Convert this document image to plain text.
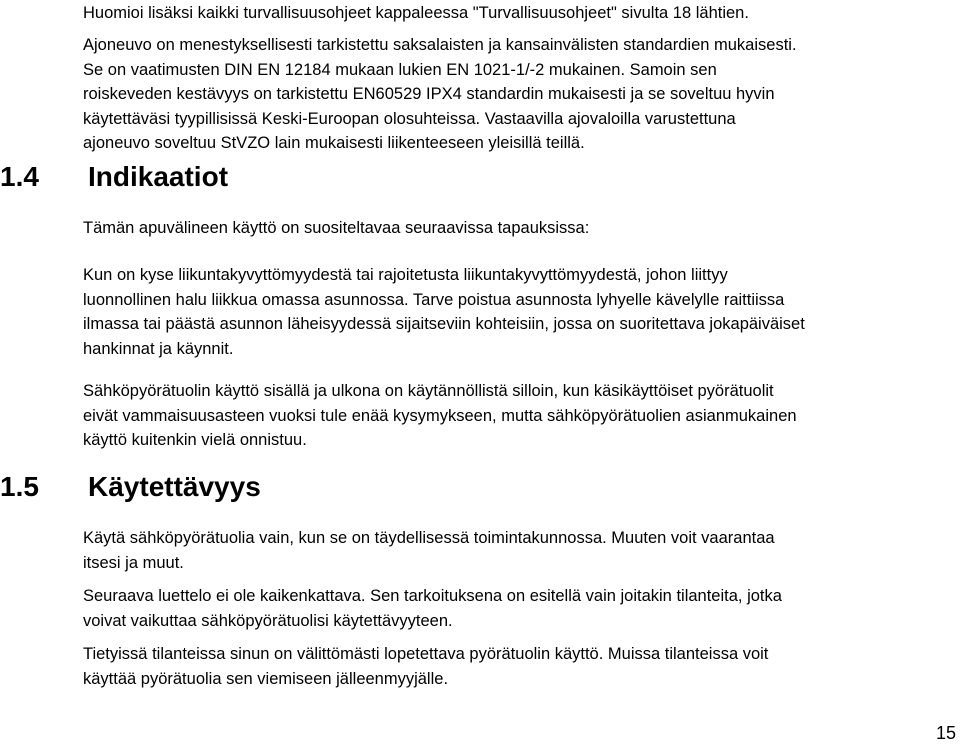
Huomioi lisäksi kaikki turvallisuusohjeet kappaleessa "Turvallisuusohjeet" sivulta 18 lähtien.

Ajoneuvo on menestyksellisesti tarkistettu saksalaisten ja kansainvälisten standardien mukaisesti.
Se on vaatimusten DIN EN 12184 mukaan lukien EN 1021-1/-2 mukainen. Samoin sen
roiskeveden kestävyys on tarkistettu EN60529 IPX4 standardin mukaisesti ja se soveltuu hyvin
käytettäväsi tyypillisissä Keski-Euroopan olosuhteissa. Vastaavilla ajovaloilla varustettuna
ajoneuvo soveltuu StVZO lain mukaisesti liikenteeseen yleisillä teillä.

1.4 Indikaatiot

Tämän apuvälineen käyttö on suositeltavaa seuraavissa tapauksissa:

Kun on kyse liikuntakyvyttömyydestä tai rajoitetusta liikuntakyvyttömyydestä, johon liittyy
luonnollinen halu liikkua omassa asunnossa. Tarve poistua asunnosta lyhyelle kävelylle raittiissa
ilmassa tai päästä asunnon läheisyydessä sijaitseviin kohteisiin, jossa on suoritettava jokapäiväiset
hankinnat ja käynnit.

Sähköpyörätuolin käyttö sisällä ja ulkona on käytännöllistä silloin, kun käsikäyttöiset pyörätuolit
eivät vammaisuusasteen vuoksi tule enää kysymykseen, mutta sähköpyörätuolien asianmukainen
käyttö kuitenkin vielä onnistuu.

1.5 Käytettävyys

Käytä sähköpyörätuolia vain, kun se on täydellisessä toimintakunnossa. Muuten voit vaarantaa
itsesi ja muut.

Seuraava luettelo ei ole kaikenkattava. Sen tarkoituksena on esitellä vain joitakin tilanteita, jotka
voivat vaikuttaa sähköpyörätuolisi käytettävyyteen.

Tietyissä tilanteissa sinun on välittömästi lopetettava pyörätuolin käyttö. Muissa tilanteissa voit
käyttää pyörätuolia sen viemiseen jälleenmyyjälle.

15
